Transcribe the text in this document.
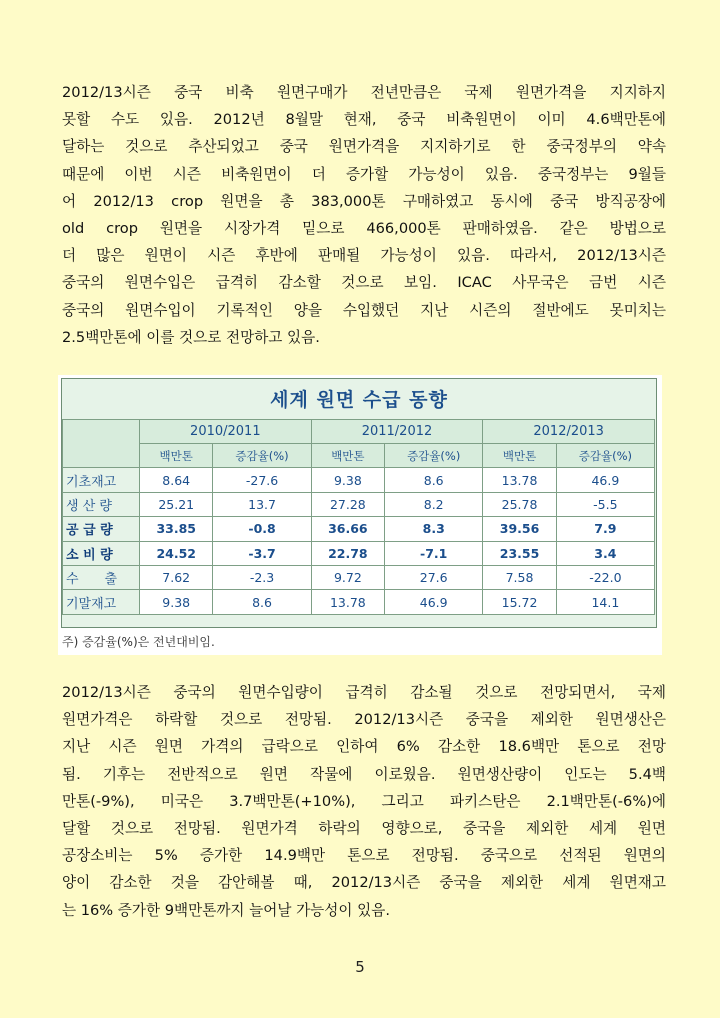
2012/13시즌 중국 비축 원면구매가 전년만큼은 국제 원면가격을 지지하지
못할 수도 있음. 2012년 8월말 현재, 중국 비축원면이 이미 4.6백만톤에
달하는 것으로 추산되었고 중국 원면가격을 지지하기로 한 중국정부의 약속
때문에 이번 시즌 비축원면이 더 증가할 가능성이 있음. 중국정부는 9월들
어 2012/13 crop 원면을 총 383,000톤 구매하였고 동시에 중국 방직공장에
old crop 원면을 시장가격 밑으로 466,000톤 판매하였음. 같은 방법으로
더 많은 원면이 시즌 후반에 판매될 가능성이 있음. 따라서, 2012/13시즌
중국의 원면수입은 급격히 감소할 것으로 보임. ICAC 사무국은 금번 시즌
중국의 원면수입이 기록적인 양을 수입했던 지난 시즌의 절반에도 못미치는
2.5백만톤에 이를 것으로 전망하고 있음.
세계 원면 수급 동향
	2010/2011		2011/2012		2012/2013	
	백만톤	증감율(%)	백만톤	증감율(%)	백만톤	증감율(%)
기초재고	8.64	-27.6	9.38	8.6	13.78	46.9
생 산 량	25.21	13.7	27.28	8.2	25.78	-5.5
공 급 량	33.85	-0.8	36.66	8.3	39.56	7.9
소 비 량	24.52	-3.7	22.78	-7.1	23.55	3.4
수　　출	7.62	-2.3	9.72	27.6	7.58	-22.0
기말재고	9.38	8.6	13.78	46.9	15.72	14.1
주) 증감율(%)은 전년대비임.
2012/13시즌 중국의 원면수입량이 급격히 감소될 것으로 전망되면서, 국제
원면가격은 하락할 것으로 전망됨. 2012/13시즌 중국을 제외한 원면생산은
지난 시즌 원면 가격의 급락으로 인하여 6% 감소한 18.6백만 톤으로 전망
됨. 기후는 전반적으로 원면 작물에 이로웠음. 원면생산량이 인도는 5.4백
만톤(-9%), 미국은 3.7백만톤(+10%), 그리고 파키스탄은 2.1백만톤(-6%)에
달할 것으로 전망됨. 원면가격 하락의 영향으로, 중국을 제외한 세계 원면
공장소비는 5% 증가한 14.9백만 톤으로 전망됨. 중국으로 선적된 원면의
양이 감소한 것을 감안해볼 때, 2012/13시즌 중국을 제외한 세계 원면재고
는 16% 증가한 9백만톤까지 늘어날 가능성이 있음.
5
